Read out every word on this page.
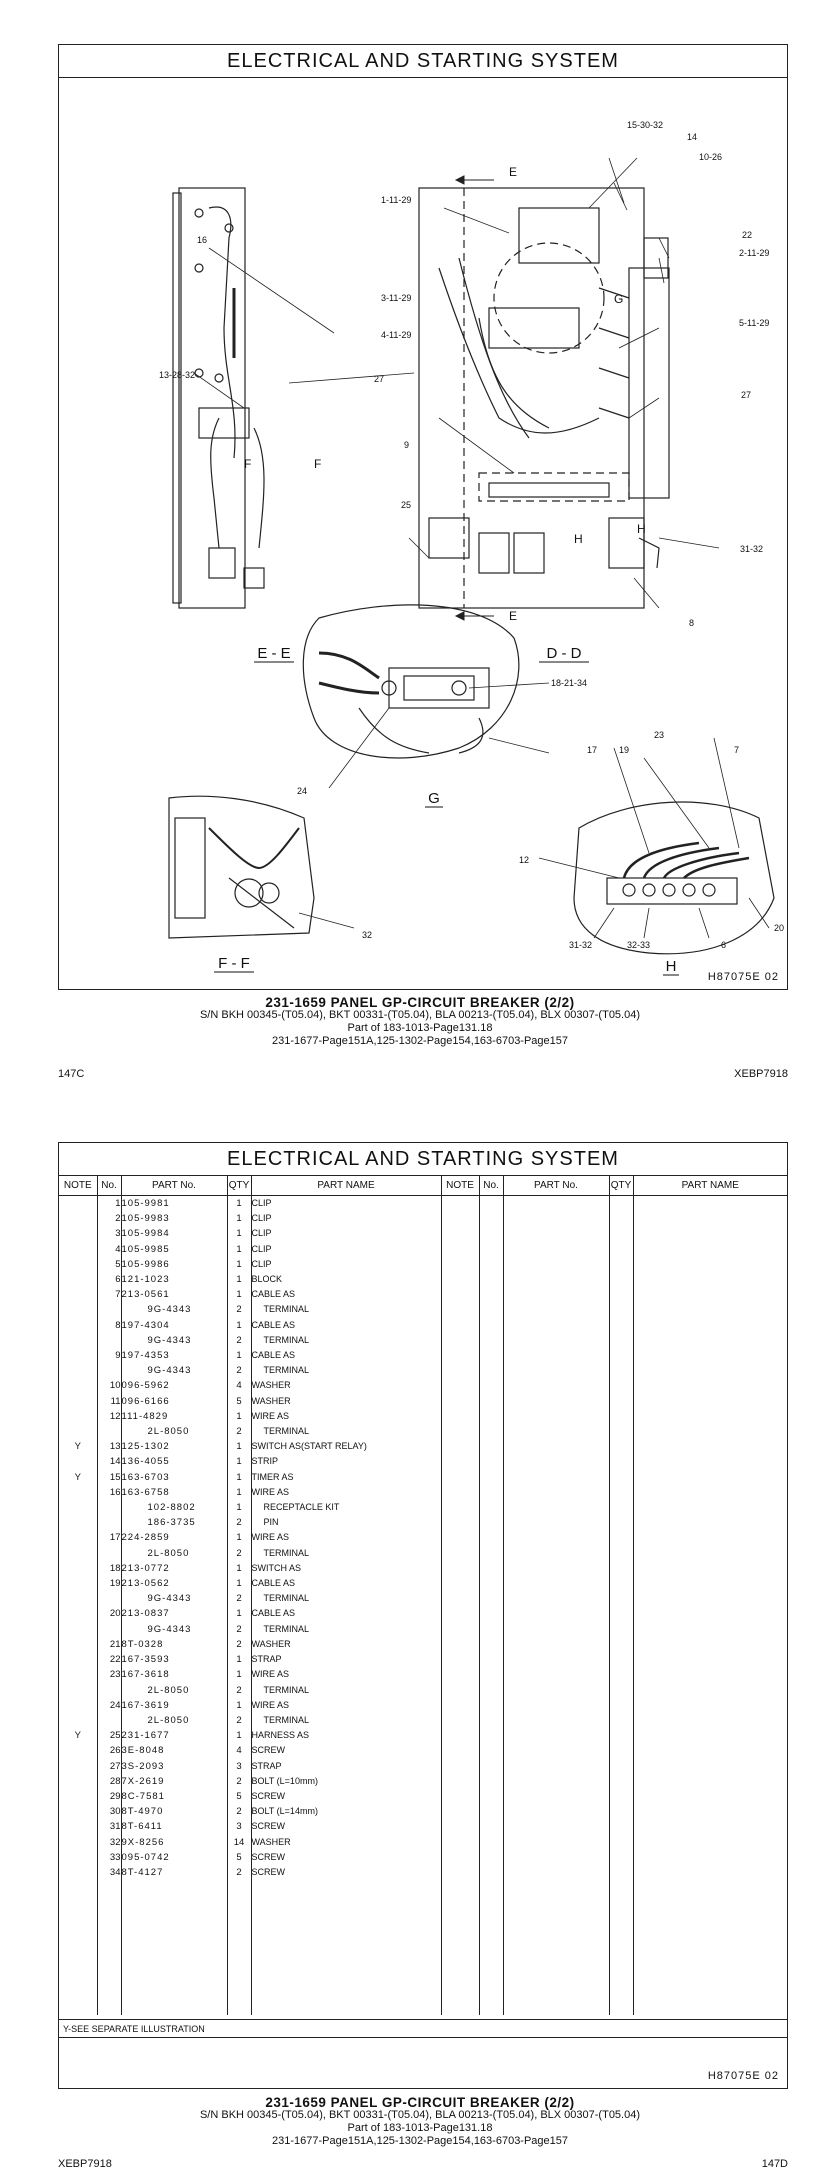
ELECTRICAL AND STARTING SYSTEM
15-30-32
14
10-26
1-11-29
22
2-11-29
16
3-11-29
5-11-29
4-11-29
13-28-32	27
27
9
25
31-32
8
18-21-34
24
17
23
19	7
12
32
20
31-32	32-33	6
E
E
F	F
G
H
H
E - E	D - D
G
F - F	H
H87075E 02
231-1659 PANEL GP-CIRCUIT BREAKER (2/2)
S/N BKH 00345-(T05.04), BKT 00331-(T05.04), BLA 00213-(T05.04), BLX 00307-(T05.04)
Part of 183-1013-Page131.18
231-1677-Page151A,125-1302-Page154,163-6703-Page157
147C	XEBP7918
ELECTRICAL AND STARTING SYSTEM
NOTE	No.	PART No.	QTY	PART NAME	NOTE	No.	PART No.	QTY	PART NAME
	1	105-9981	1	CLIP					
	2	105-9983	1	CLIP					
	3	105-9984	1	CLIP					
	4	105-9985	1	CLIP					
	5	105-9986	1	CLIP					
	6	121-1023	1	BLOCK					
	7	213-0561	1	CABLE AS					
		9G-4343	2	TERMINAL					
	8	197-4304	1	CABLE AS					
		9G-4343	2	TERMINAL					
	9	197-4353	1	CABLE AS					
		9G-4343	2	TERMINAL					
	10	096-5962	4	WASHER					
	11	096-6166	5	WASHER					
	12	111-4829	1	WIRE AS					
		2L-8050	2	TERMINAL					
Y	13	125-1302	1	SWITCH AS(START RELAY)					
	14	136-4055	1	STRIP					
Y	15	163-6703	1	TIMER AS					
	16	163-6758	1	WIRE AS					
		102-8802	1	RECEPTACLE KIT					
		186-3735	2	PIN					
	17	224-2859	1	WIRE AS					
		2L-8050	2	TERMINAL					
	18	213-0772	1	SWITCH AS					
	19	213-0562	1	CABLE AS					
		9G-4343	2	TERMINAL					
	20	213-0837	1	CABLE AS					
		9G-4343	2	TERMINAL					
	21	8T-0328	2	WASHER					
	22	167-3593	1	STRAP					
	23	167-3618	1	WIRE AS					
		2L-8050	2	TERMINAL					
	24	167-3619	1	WIRE AS					
		2L-8050	2	TERMINAL					
Y	25	231-1677	1	HARNESS AS					
	26	3E-8048	4	SCREW					
	27	3S-2093	3	STRAP					
	28	7X-2619	2	BOLT (L=10mm)					
	29	8C-7581	5	SCREW					
	30	8T-4970	2	BOLT (L=14mm)					
	31	8T-6411	3	SCREW					
	32	9X-8256	14	WASHER					
	33	095-0742	5	SCREW					
	34	8T-4127	2	SCREW					

Y-SEE SEPARATE ILLUSTRATION
H87075E 02
231-1659 PANEL GP-CIRCUIT BREAKER (2/2)
S/N BKH 00345-(T05.04), BKT 00331-(T05.04), BLA 00213-(T05.04), BLX 00307-(T05.04)
Part of 183-1013-Page131.18
231-1677-Page151A,125-1302-Page154,163-6703-Page157
XEBP7918	147D
